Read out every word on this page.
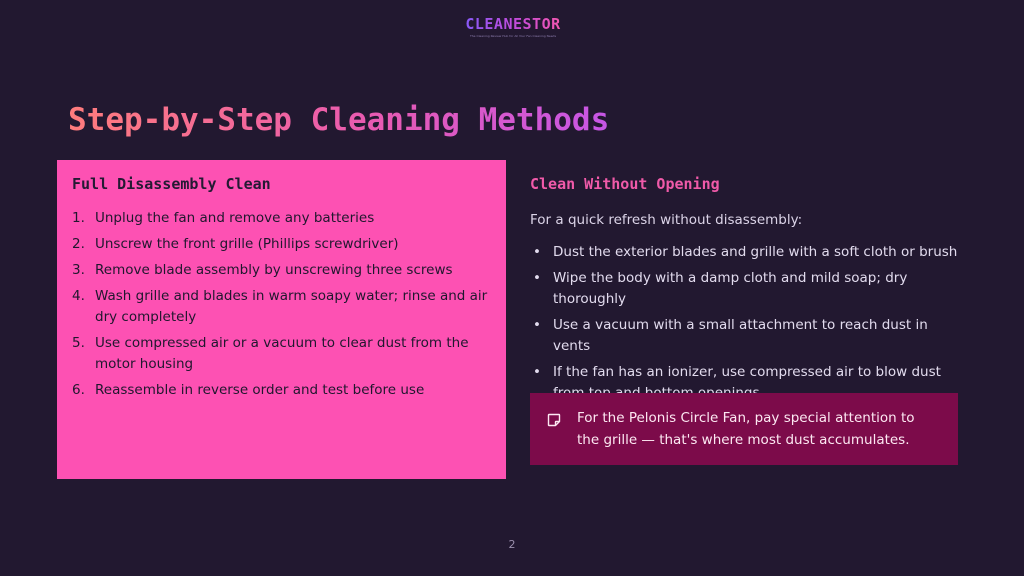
CLEANESTOR
The Cleaning Review Hub for All Your Fan Cleaning Needs
Step-by-Step Cleaning Methods
Full Disassembly Clean
1. Unplug the fan and remove any batteries
2. Unscrew the front grille (Phillips screwdriver)
3. Remove blade assembly by unscrewing three screws
4. Wash grille and blades in warm soapy water; rinse and air dry completely
5. Use compressed air or a vacuum to clear dust from the motor housing
6. Reassemble in reverse order and test before use
Clean Without Opening

For a quick refresh without disassembly:

• Dust the exterior blades and grille with a soft cloth or brush
• Wipe the body with a damp cloth and mild soap; dry thoroughly
• Use a vacuum with a small attachment to reach dust in vents
• If the fan has an ionizer, use compressed air to blow dust
For the Pelonis Circle Fan, pay special attention to the grille — that's where most dust accumulates.
2
